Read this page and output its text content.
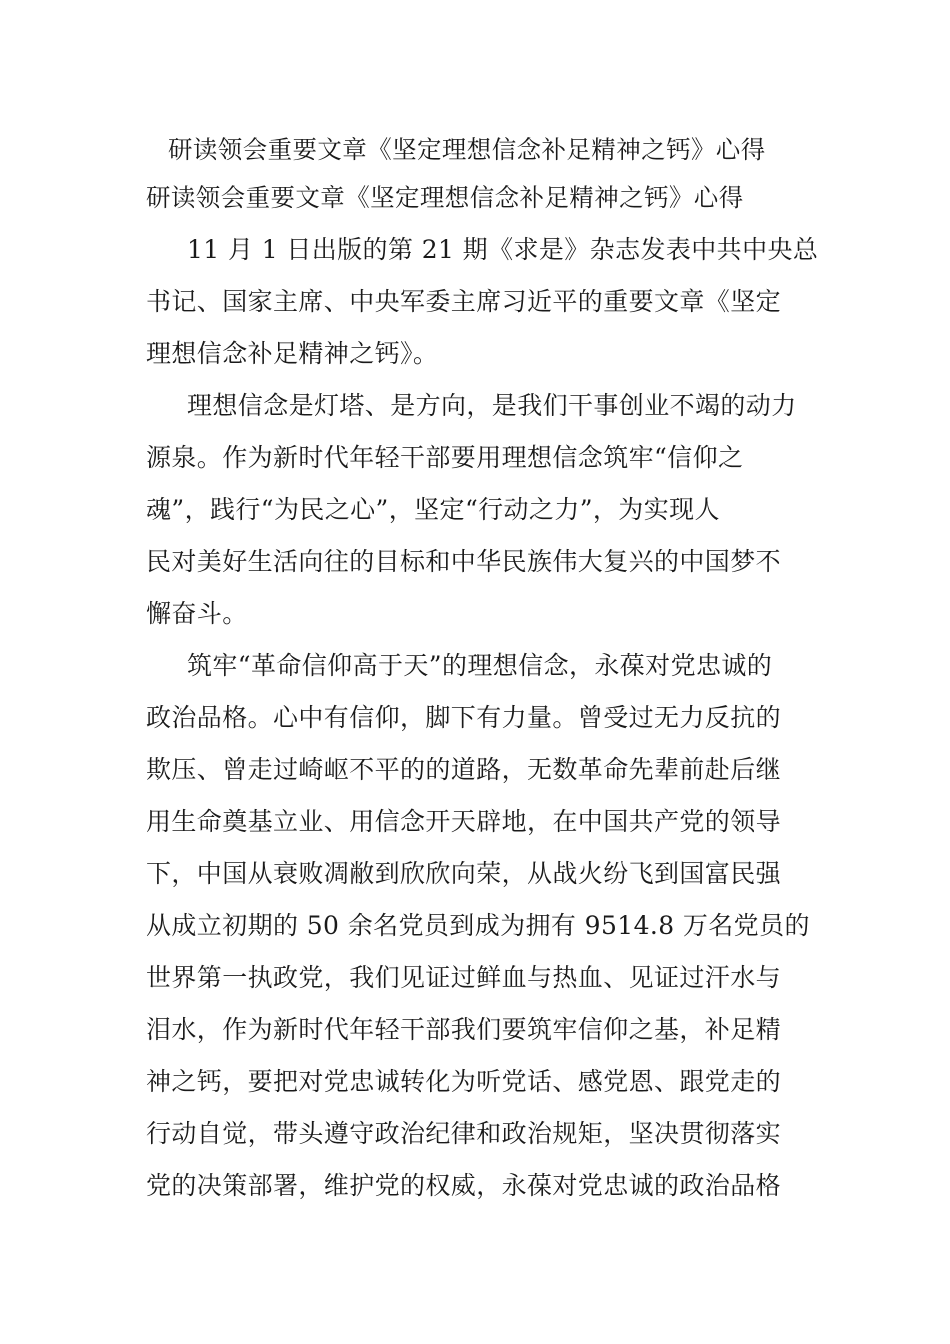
研读领会重要文章《坚定理想信念补足精神之钙》心得
研读领会重要文章《坚定理想信念补足精神之钙》心得
11 月 1 日出版的第 21 期《求是》杂志发表中共中央总
书记、国家主席、中央军委主席习近平的重要文章《坚定
理想信念补足精神之钙》。
理想信念是灯塔、是方向，是我们干事创业不竭的动力
源泉。作为新时代年轻干部要用理想信念筑牢“信仰之
魂”，践行“为民之心”，坚定“行动之力”，为实现人
民对美好生活向往的目标和中华民族伟大复兴的中国梦不
懈奋斗。
筑牢“革命信仰高于天”的理想信念，永葆对党忠诚的
政治品格。心中有信仰，脚下有力量。曾受过无力反抗的
欺压、曾走过崎岖不平的的道路，无数革命先辈前赴后继
用生命奠基立业、用信念开天辟地，在中国共产党的领导
下，中国从衰败凋敝到欣欣向荣，从战火纷飞到国富民强
从成立初期的 50 余名党员到成为拥有 9514.8 万名党员的
世界第一执政党，我们见证过鲜血与热血、见证过汗水与
泪水，作为新时代年轻干部我们要筑牢信仰之基，补足精
神之钙，要把对党忠诚转化为听党话、感党恩、跟党走的
行动自觉，带头遵守政治纪律和政治规矩，坚决贯彻落实
党的决策部署，维护党的权威，永葆对党忠诚的政治品格
